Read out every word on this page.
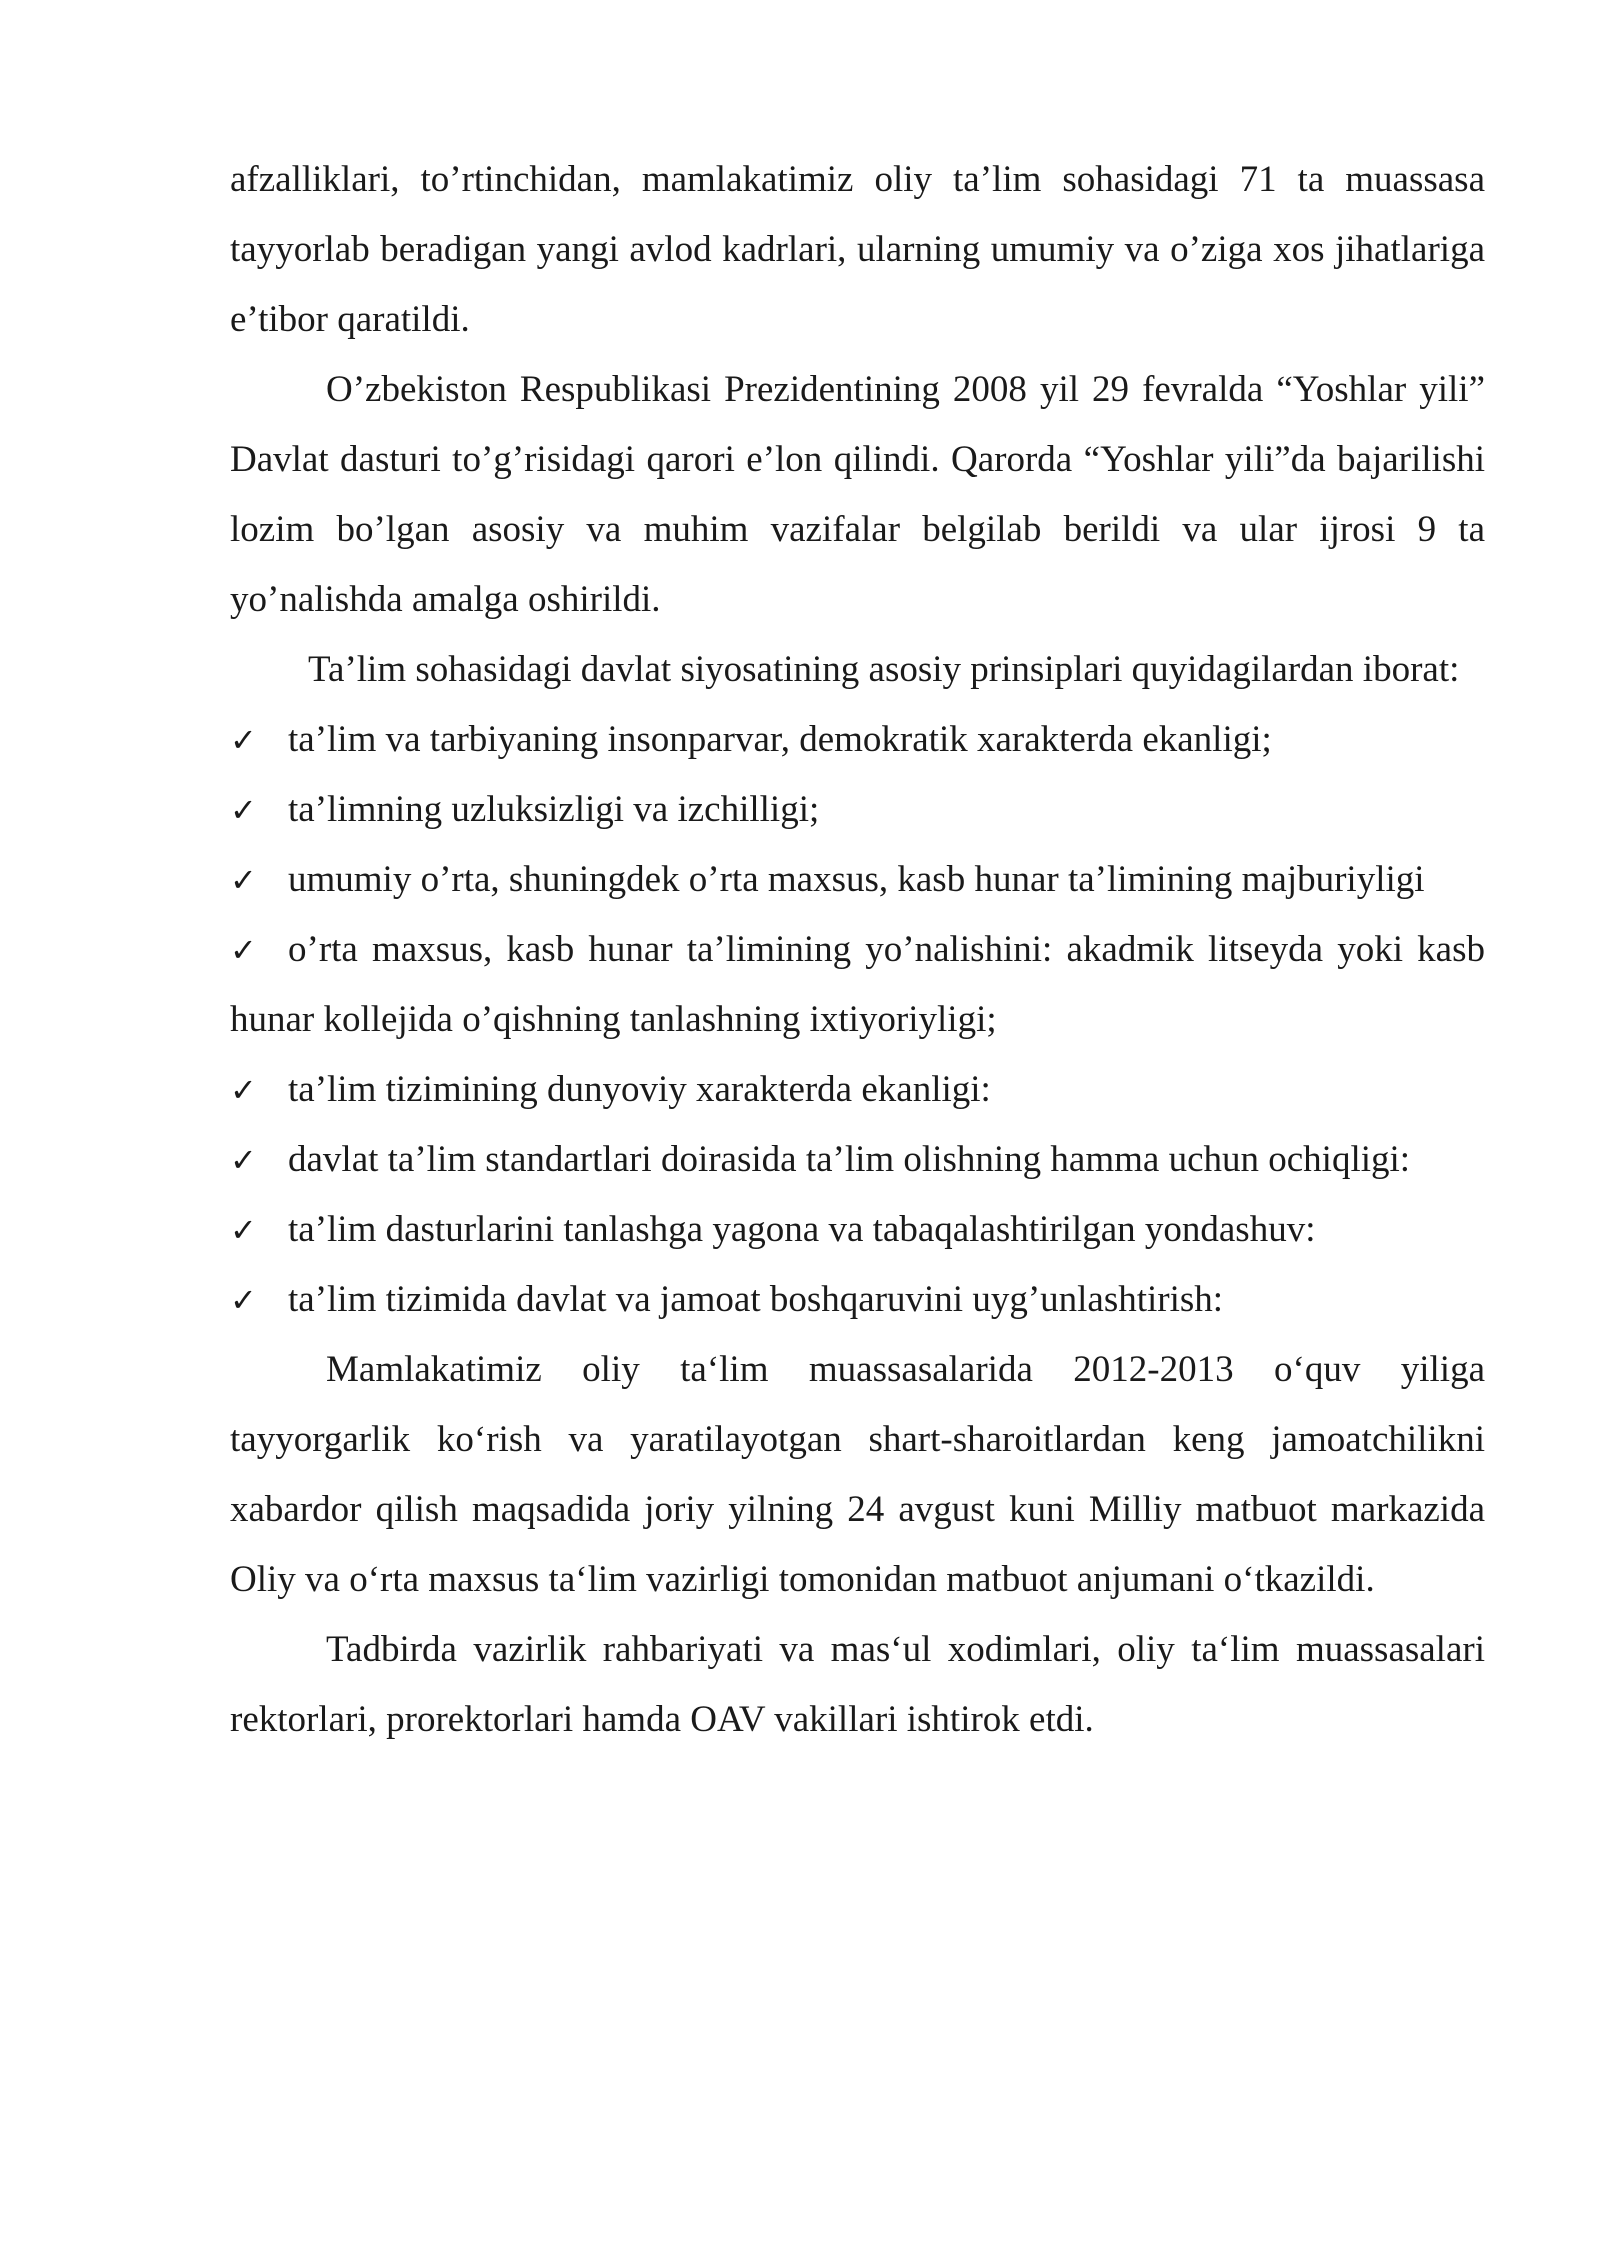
afzalliklari, to’rtinchidan, mamlakatimiz oliy ta’lim sohasidagi 71 ta muassasa tayyorlab beradigan yangi avlod kadrlari, ularning umumiy va o’ziga xos jihatlariga e’tibor qaratildi.

O’zbekiston Respublikasi Prezidentining 2008 yil 29 fevralda “Yoshlar yili” Davlat dasturi to’g’risidagi qarori e’lon qilindi. Qarorda “Yoshlar yili”da bajarilishi lozim bo’lgan asosiy va muhim vazifalar belgilab berildi va ular ijrosi 9 ta yo’nalishda amalga oshirildi.

Ta’lim sohasidagi davlat siyosatining asosiy prinsiplari quyidagilardan iborat:

✓ ta’lim va tarbiyaning insonparvar, demokratik xarakterda ekanligi;

✓ ta’limning uzluksizligi va izchilligi;

✓ umumiy o’rta, shuningdek o’rta maxsus, kasb hunar ta’limining majburiyligi

✓ o’rta maxsus, kasb hunar ta’limining yo’nalishini: akadmik litseyda yoki kasb hunar kollejida o’qishning tanlashning ixtiyoriyligi;

✓ ta’lim tizimining dunyoviy xarakterda ekanligi:

✓ davlat ta’lim standartlari doirasida ta’lim olishning hamma uchun ochiqligi:

✓ ta’lim dasturlarini tanlashga yagona va tabaqalashtirilgan yondashuv:

✓ ta’lim tizimida davlat va jamoat boshqaruvini uyg’unlashtirish:

Mamlakatimiz oliy taʻlim muassasalarida 2012-2013 oʻquv yiliga tayyorgarlik koʻrish va yaratilayotgan shart-sharoitlardan keng jamoatchilikni xabardor qilish maqsadida joriy yilning 24 avgust kuni Milliy matbuot markazida Oliy va oʻrta maxsus taʻlim vazirligi tomonidan matbuot anjumani oʻtkazildi.

Tadbirda vazirlik rahbariyati va masʻul xodimlari, oliy taʻlim muassasalari rektorlari, prorektorlari hamda OAV vakillari ishtirok etdi.
